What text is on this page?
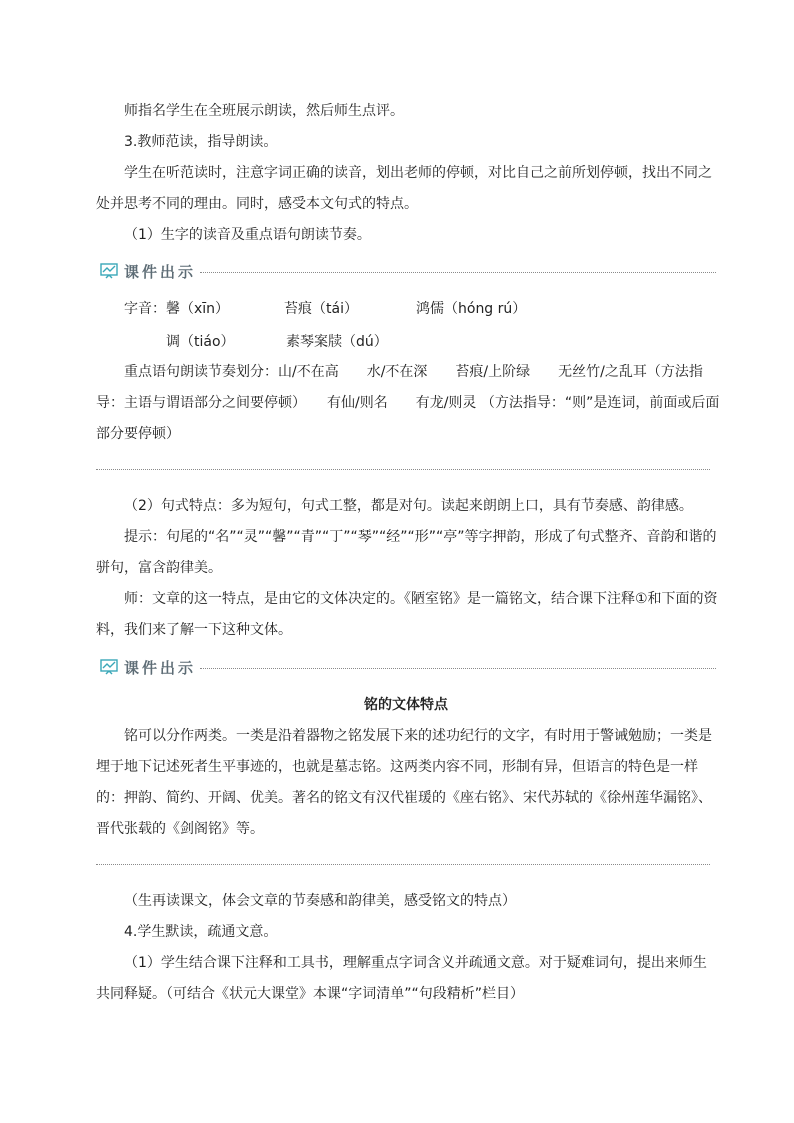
师指名学生在全班展示朗读，然后师生点评。

3.教师范读，指导朗读。

学生在听范读时，注意字词正确的读音，划出老师的停顿，对比自己之前所划停顿，找出不同之处并思考不同的理由。同时，感受本文句式的特点。

（1）生字的读音及重点语句朗读节奏。

课件出示
字音：馨（xīn）	苔痕（tái）	鸿儒（hóng rú）
调（tiáo）	素琴案牍（dú）

重点语句朗读节奏划分：山/不在高　　水/不在深　　苔痕/上阶绿　　无丝竹/之乱耳（方法指导：主语与谓语部分之间要停顿）　　有仙/则名　　有龙/则灵 （方法指导：“则”是连词，前面或后面部分要停顿）

（2）句式特点：多为短句，句式工整，都是对句。读起来朗朗上口，具有节奏感、韵律感。

提示：句尾的“名”“灵”“馨”“青”“丁”“琴”“经”“形”“亭”等字押韵，形成了句式整齐、音韵和谐的骈句，富含韵律美。

师：文章的这一特点，是由它的文体决定的。《陋室铭》是一篇铭文，结合课下注释①和下面的资料，我们来了解一下这种文体。

课件出示
铭的文体特点

铭可以分作两类。一类是沿着器物之铭发展下来的述功纪行的文字，有时用于警诫勉励；一类是埋于地下记述死者生平事迹的，也就是墓志铭。这两类内容不同，形制有异，但语言的特色是一样的：押韵、简约、开阔、优美。著名的铭文有汉代崔瑗的《座右铭》、宋代苏轼的《徐州莲华漏铭》、晋代张载的《剑阁铭》等。

（生再读课文，体会文章的节奏感和韵律美，感受铭文的特点）

4.学生默读，疏通文意。

（1）学生结合课下注释和工具书，理解重点字词含义并疏通文意。对于疑难词句，提出来师生共同释疑。（可结合《状元大课堂》本课“字词清单”“句段精析”栏目）
